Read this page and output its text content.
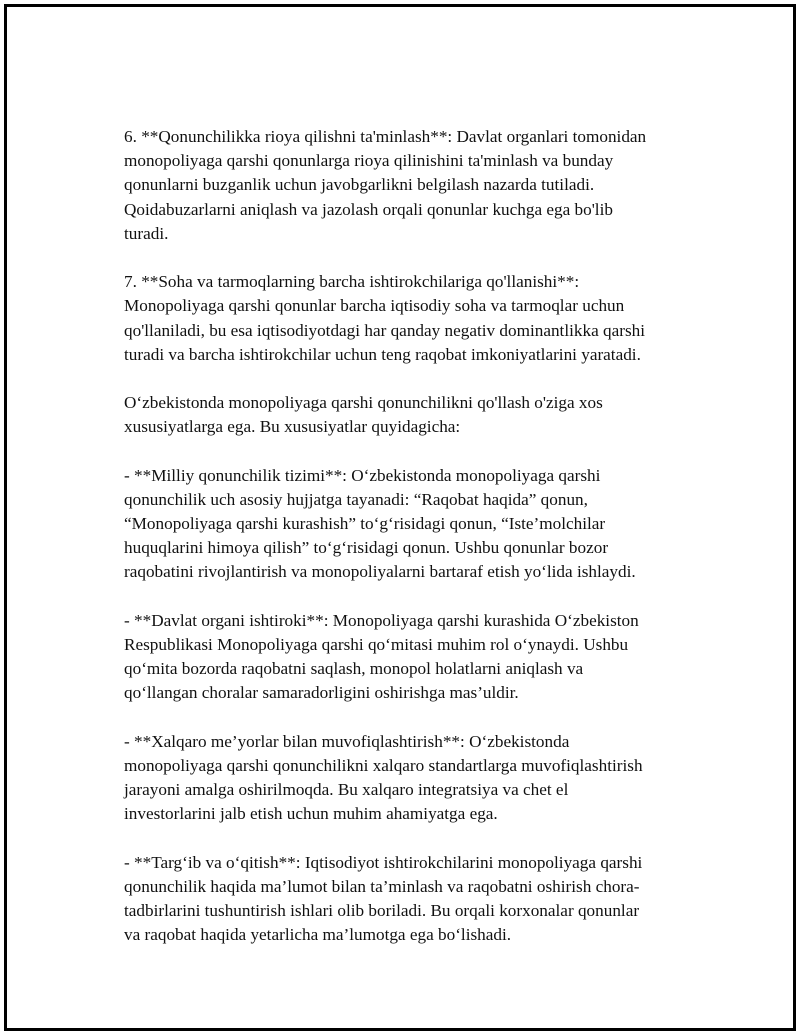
6. **Qonunchilikka rioya qilishni ta'minlash**: Davlat organlari tomonidan
monopoliyaga qarshi qonunlarga rioya qilinishini ta'minlash va bunday
qonunlarni buzganlik uchun javobgarlikni belgilash nazarda tutiladi.
Qoidabuzarlarni aniqlash va jazolash orqali qonunlar kuchga ega bo'lib
turadi.
7. **Soha va tarmoqlarning barcha ishtirokchilariga qo'llanishi**:
Monopoliyaga qarshi qonunlar barcha iqtisodiy soha va tarmoqlar uchun
qo'llaniladi, bu esa iqtisodiyotdagi har qanday negativ dominantlikka qarshi
turadi va barcha ishtirokchilar uchun teng raqobat imkoniyatlarini yaratadi.
O‘zbekistonda monopoliyaga qarshi qonunchilikni qo'llash o'ziga xos
xususiyatlarga ega. Bu xususiyatlar quyidagicha:
- **Milliy qonunchilik tizimi**: O‘zbekistonda monopoliyaga qarshi
qonunchilik uch asosiy hujjatga tayanadi: “Raqobat haqida” qonun,
“Monopoliyaga qarshi kurashish” to‘g‘risidagi qonun, “Iste’molchilar
huquqlarini himoya qilish” to‘g‘risidagi qonun. Ushbu qonunlar bozor
raqobatini rivojlantirish va monopoliyalarni bartaraf etish yo‘lida ishlaydi.
- **Davlat organi ishtiroki**: Monopoliyaga qarshi kurashida O‘zbekiston
Respublikasi Monopoliyaga qarshi qo‘mitasi muhim rol o‘ynaydi. Ushbu
qo‘mita bozorda raqobatni saqlash, monopol holatlarni aniqlash va
qo‘llangan choralar samaradorligini oshirishga mas’uldir.
- **Xalqaro me’yorlar bilan muvofiqlashtirish**: O‘zbekistonda
monopoliyaga qarshi qonunchilikni xalqaro standartlarga muvofiqlashtirish
jarayoni amalga oshirilmoqda. Bu xalqaro integratsiya va chet el
investorlarini jalb etish uchun muhim ahamiyatga ega.
- **Targ‘ib va o‘qitish**: Iqtisodiyot ishtirokchilarini monopoliyaga qarshi
qonunchilik haqida ma’lumot bilan ta’minlash va raqobatni oshirish chora-
tadbirlarini tushuntirish ishlari olib boriladi. Bu orqali korxonalar qonunlar
va raqobat haqida yetarlicha ma’lumotga ega bo‘lishadi.
